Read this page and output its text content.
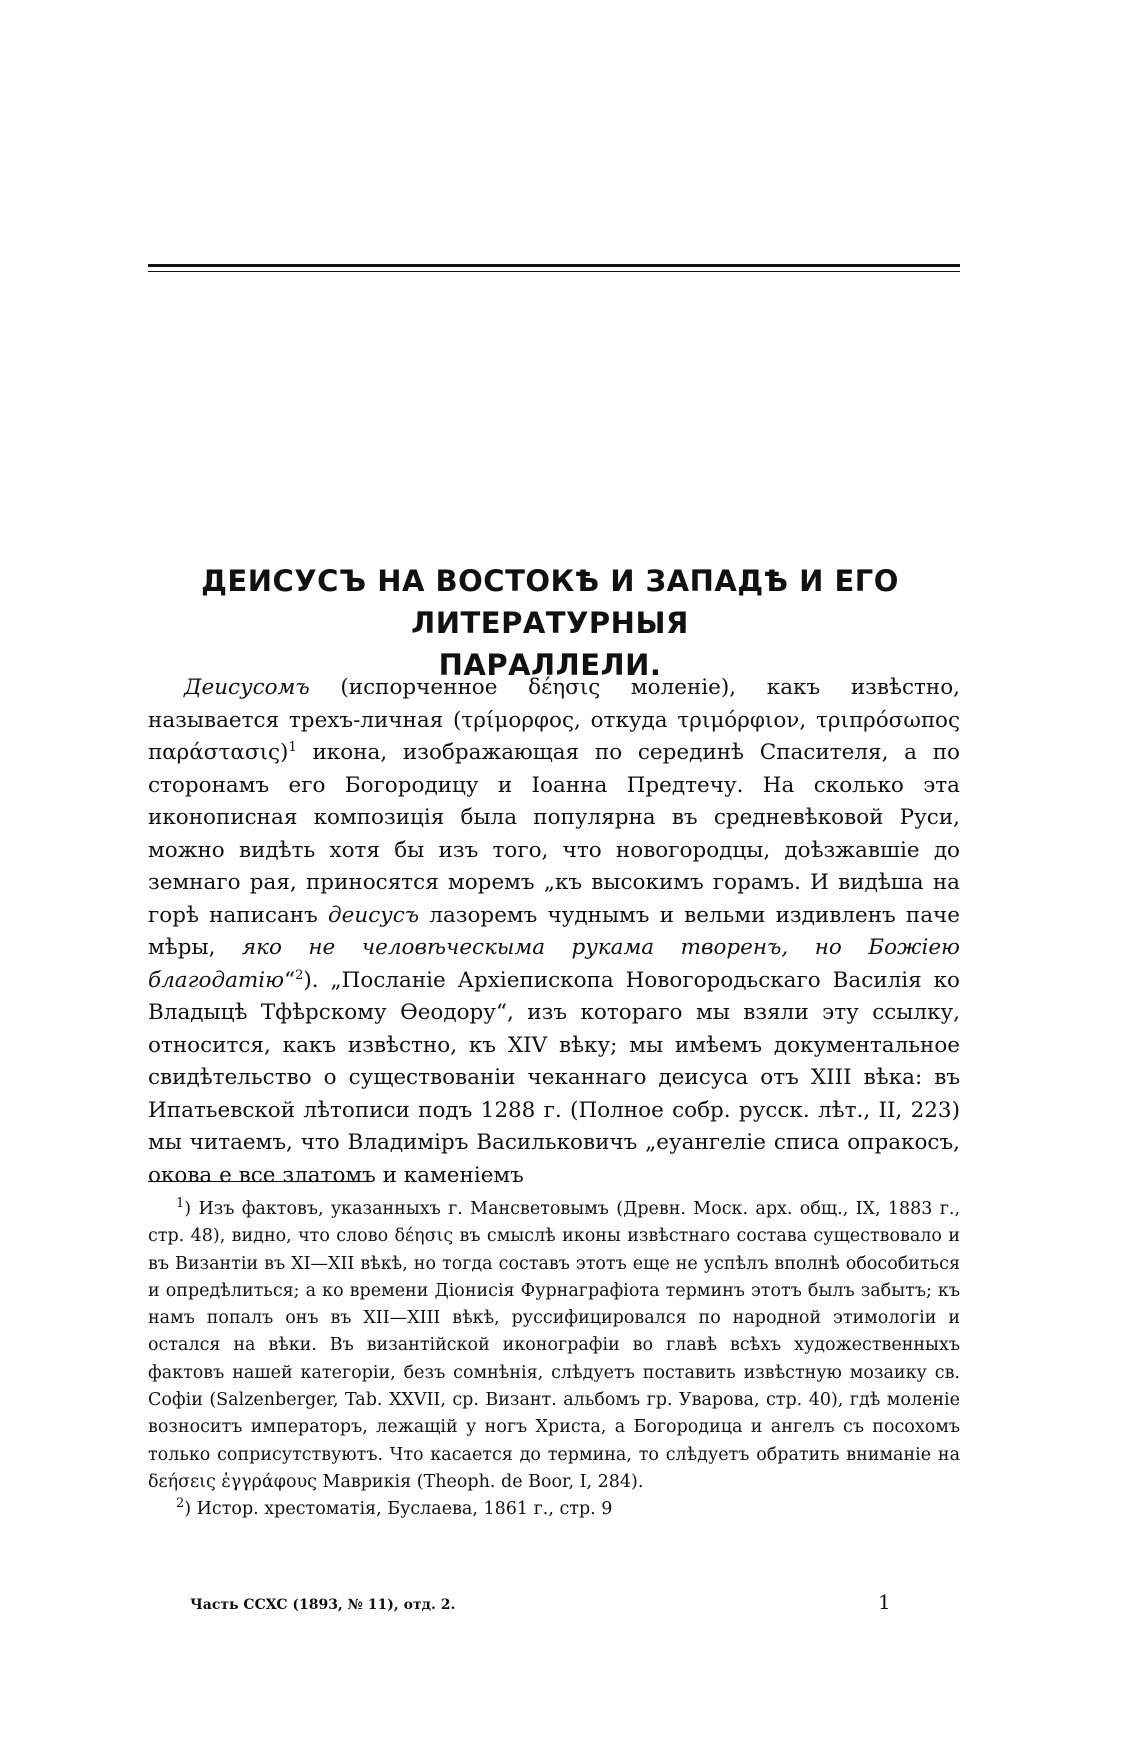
ДЕИСУСЪ НА ВОСТОКѢ И ЗАПАДѢ И ЕГО ЛИТЕРАТУРНЫЯ
ПАРАЛЛЕЛИ.

Деисусомъ (испорченное δέησις моленіе), какъ извѣстно, называется трехъ-личная (τρίμορφος, откуда τριμόρφιον, τριπρόσωπος παράστασις)$^1$ икона, изображающая по серединѣ Спасителя, а по сторонамъ его Богородицу и Іоанна Предтечу. На сколько эта иконописная композиція была популярна въ средневѣковой Руси, можно видѣть хотя бы изъ того, что новогородцы, доѣзжавшіе до земнаго рая, приносятся моремъ „къ высокимъ горамъ. И видѣша на горѣ написанъ деисусъ лазоремъ чуднымъ и вельми издивленъ паче мѣры, яко не человѣческыма рукама творенъ, но Божіею благодатію“$^2$). „Посланіе Архіепископа Новогородьскаго Василія ко Владыцѣ Тфѣрскому Ѳеодору“, изъ котораго мы взяли эту ссылку, относится, какъ извѣстно, къ XIV вѣку; мы имѣемъ документальное свидѣтельство о существованіи чеканнаго деисуса отъ XIII вѣка: въ Ипатьевской лѣтописи подъ 1288 г. (Полное собр. русск. лѣт., II, 223) мы читаемъ, что Владиміръ Васильковичъ „еуангеліе списа опракосъ, окова е все златомъ и каменіемъ

$^1$) Изъ фактовъ, указанныхъ г. Мансветовымъ (Древн. Моск. арх. общ., IX, 1883 г., стр. 48), видно, что слово δέησις въ смыслѣ иконы извѣстнаго состава существовало и въ Византіи въ XI—XII вѣкѣ, но тогда составъ этотъ еще не успѣлъ вполнѣ обособиться и опредѣлиться; а ко времени Діонисія Фурнаграфіота терминъ этотъ былъ забытъ; къ намъ попалъ онъ въ XII—XIII вѣкѣ, руссифицировался по народной этимологіи и остался на вѣки. Въ византійской иконографіи во главѣ всѣхъ художественныхъ фактовъ нашей категоріи, безъ сомнѣнія, слѣдуетъ поставить извѣстную мозаику св. Софіи (Salzenberger, Tab. XXVII, ср. Визант. альбомъ гр. Уварова, стр. 40), гдѣ моленіе возноситъ императоръ, лежащій у ногъ Христа, а Богородица и ангелъ съ посохомъ только соприсутствуютъ. Что касается до термина, то слѣдуетъ обратить вниманіе на δεήσεις ἐγγράφους Маврикія (Theoph. de Boor, I, 284).

$^2$) Истор. хрестоматія, Буслаева, 1861 г., стр. 9

Часть CCXC (1893, № 11), отд. 2.	1
